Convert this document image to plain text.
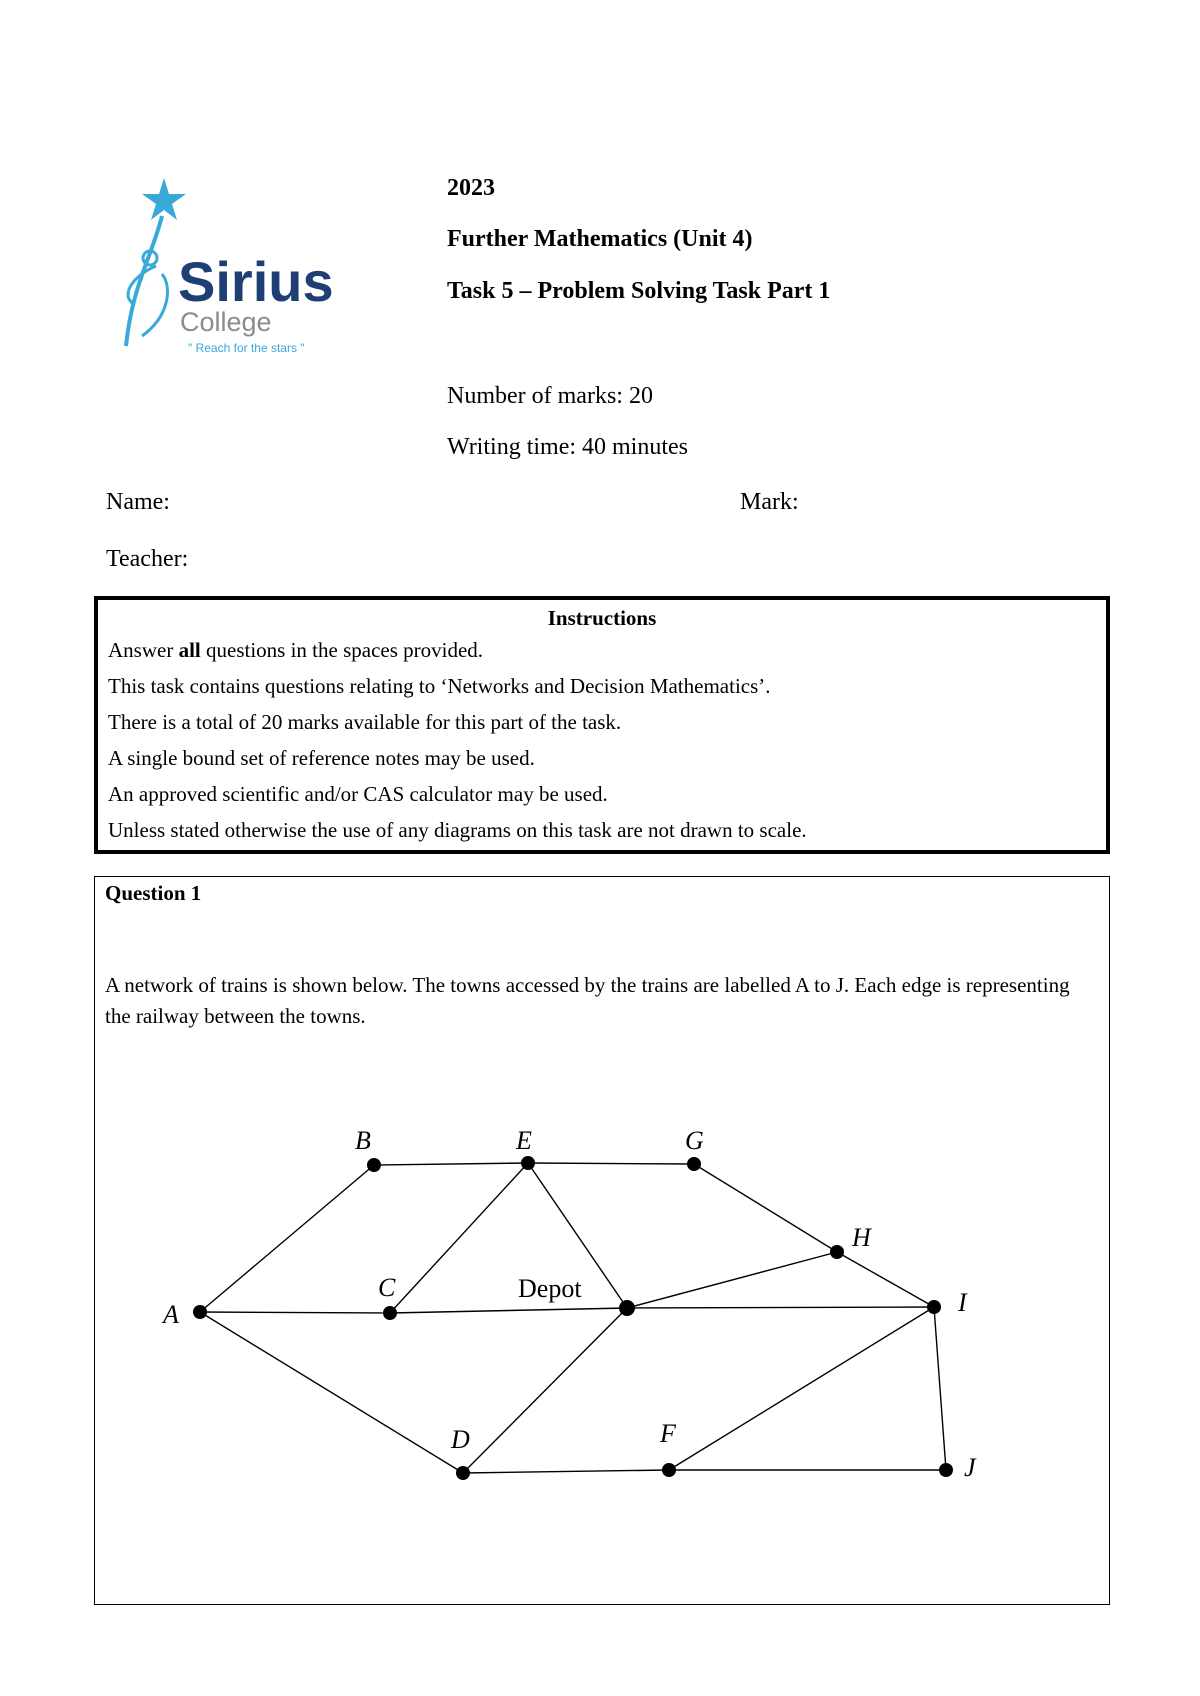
Sirius
College
" Reach for the stars "

2023

Further Mathematics (Unit 4)

Task 5 – Problem Solving Task Part 1

Number of marks: 20

Writing time: 40 minutes

Name:	Mark:
Teacher:
Instructions
Answer all questions in the spaces provided.
This task contains questions relating to ‘Networks and Decision Mathematics’.
There is a total of 20 marks available for this part of the task.
A single bound set of reference notes may be used.
An approved scientific and/or CAS calculator may be used.
Unless stated otherwise the use of any diagrams on this task are not drawn to scale.
Question 1
A network of trains is shown below. The towns accessed by the trains are labelled A to J. Each edge is representing the railway between the towns.
A
B
C
D
E
F
G
H
I
J
Depot
